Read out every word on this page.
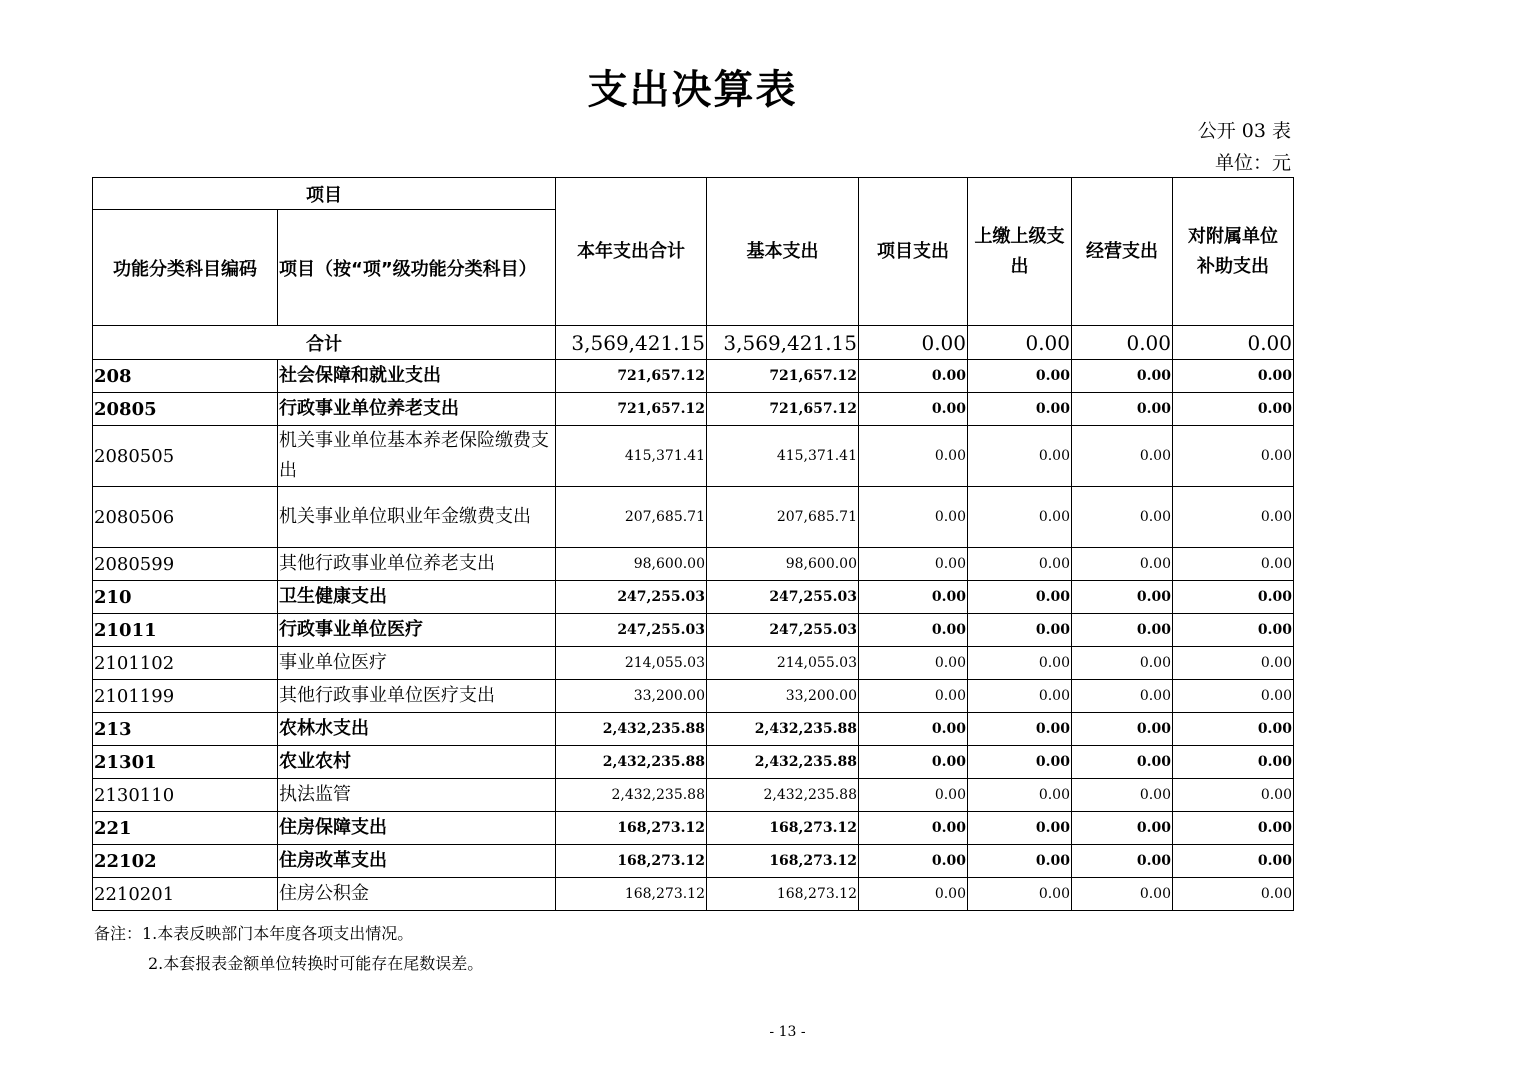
支出决算表
公开 03 表
单位：元
项目		本年支出合计	基本支出	项目支出	上缴上级支出	经营支出	对附属单位补助支出
功能分类科目编码	项目（按“项”级功能分类科目）						
合计		3,569,421.15	3,569,421.15	0.00	0.00	0.00	0.00
208	社会保障和就业支出	721,657.12	721,657.12	0.00	0.00	0.00	0.00
20805	行政事业单位养老支出	721,657.12	721,657.12	0.00	0.00	0.00	0.00
2080505	机关事业单位基本养老保险缴费支出	415,371.41	415,371.41	0.00	0.00	0.00	0.00
2080506	机关事业单位职业年金缴费支出	207,685.71	207,685.71	0.00	0.00	0.00	0.00
2080599	其他行政事业单位养老支出	98,600.00	98,600.00	0.00	0.00	0.00	0.00
210	卫生健康支出	247,255.03	247,255.03	0.00	0.00	0.00	0.00
21011	行政事业单位医疗	247,255.03	247,255.03	0.00	0.00	0.00	0.00
2101102	事业单位医疗	214,055.03	214,055.03	0.00	0.00	0.00	0.00
2101199	其他行政事业单位医疗支出	33,200.00	33,200.00	0.00	0.00	0.00	0.00
213	农林水支出	2,432,235.88	2,432,235.88	0.00	0.00	0.00	0.00
21301	农业农村	2,432,235.88	2,432,235.88	0.00	0.00	0.00	0.00
2130110	执法监管	2,432,235.88	2,432,235.88	0.00	0.00	0.00	0.00
221	住房保障支出	168,273.12	168,273.12	0.00	0.00	0.00	0.00
22102	住房改革支出	168,273.12	168,273.12	0.00	0.00	0.00	0.00
2210201	住房公积金	168,273.12	168,273.12	0.00	0.00	0.00	0.00
备注：1.本表反映部门本年度各项支出情况。
2.本套报表金额单位转换时可能存在尾数误差。
- 13 -
